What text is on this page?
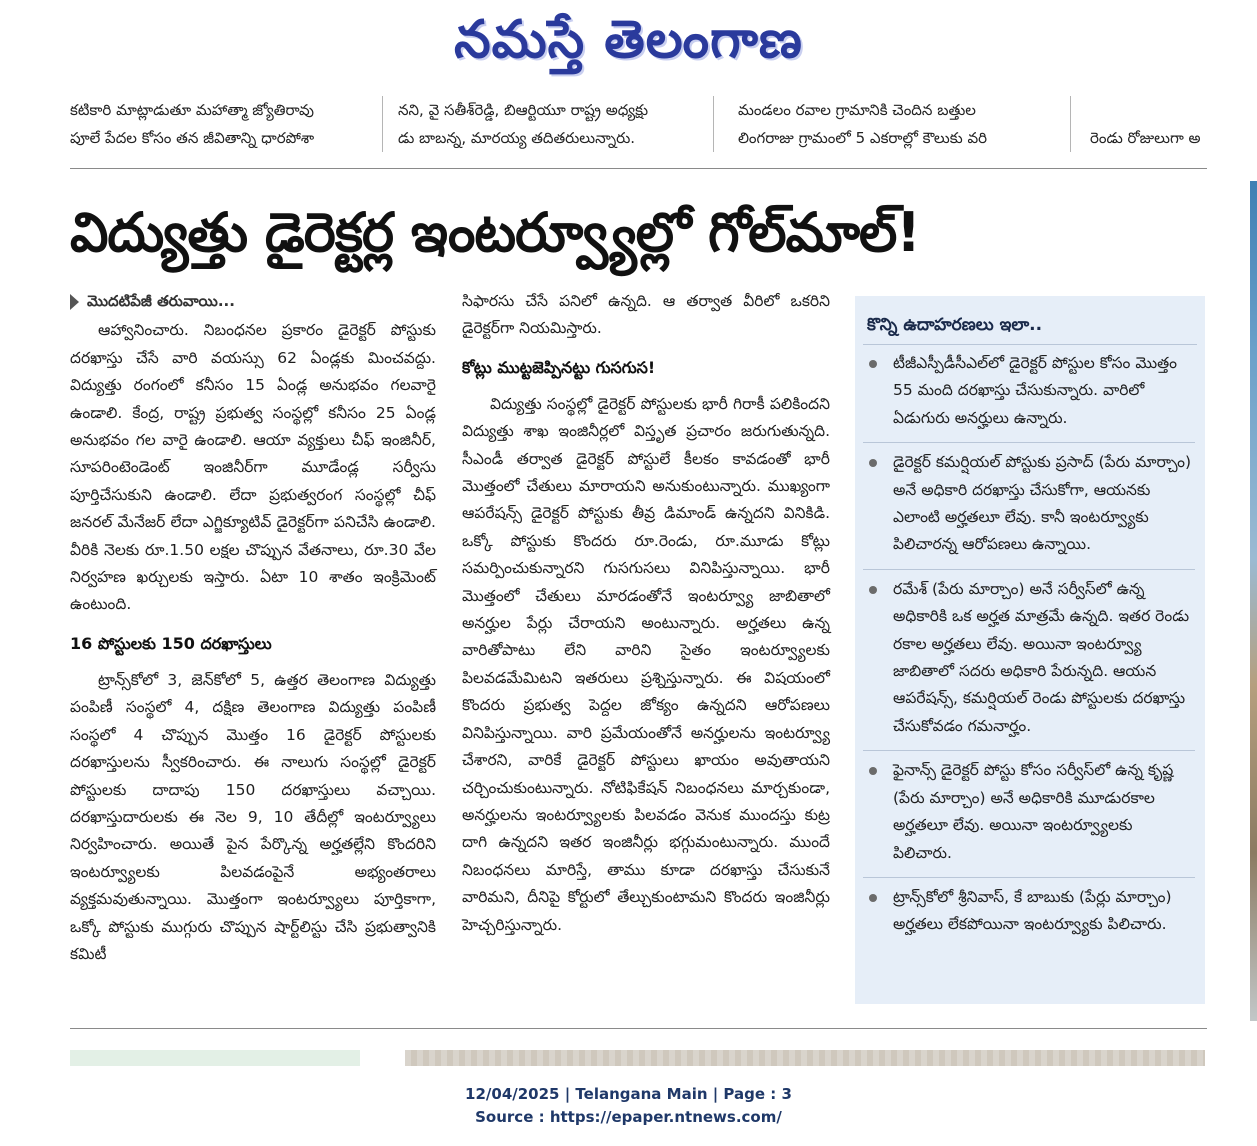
నమస్తే తెలంగాణ

కటికారి మాట్లాడుతూ మహాత్మా జ్యోతిరావు

పూలే పేదల కోసం తన జీవితాన్ని ధారపోశా

నని, వై సతీశ్‌రెడ్డి, బిఆర్టియూ రాష్ట్ర అధ్యక్షు

డు బాబన్న, మారయ్య తదితరులున్నారు.

మండలం రవాల గ్రామానికి చెందిన బత్తుల

లింగరాజు గ్రామంలో 5 ఎకరాల్లో కౌలుకు వరి

	రెండు రోజులుగా అ

విద్యుత్తు డైరెక్టర్ల ఇంటర్వ్యూల్లో గోల్‌మాల్‌!
మొదటిపేజీ తరువాయి...

ఆహ్వానించారు. నిబంధనల ప్రకారం డైరెక్టర్ పోస్టుకు దరఖాస్తు చేసే వారి వయస్సు 62 ఏండ్లకు మించవద్దు. విద్యుత్తు రంగంలో కనీసం 15 ఏండ్ల అనుభవం గలవారై ఉండాలి. కేంద్ర, రాష్ట్ర ప్రభుత్వ సంస్థల్లో కనీసం 25 ఏండ్ల అనుభవం గల వారై ఉండాలి. ఆయా వ్యక్తులు చీఫ్ ఇంజినీర్, సూపరింటెండెంట్ ఇంజినీర్‌గా మూడేండ్ల సర్వీసు పూర్తిచేసుకుని ఉండాలి. లేదా ప్రభుత్వరంగ సంస్థల్లో చీఫ్ జనరల్ మేనేజర్ లేదా ఎగ్జిక్యూటివ్ డైరెక్టర్‌గా పనిచేసి ఉండాలి. వీరికి నెలకు రూ.1.50 లక్షల చొప్పున వేతనాలు, రూ.30 వేల నిర్వహణ ఖర్చులకు ఇస్తారు. ఏటా 10 శాతం ఇంక్రిమెంట్ ఉంటుంది.

16 పోస్టులకు 150 దరఖాస్తులు

ట్రాన్స్‌కోలో 3, జెన్‌కోలో 5, ఉత్తర తెలంగాణ విద్యుత్తు పంపిణీ సంస్థలో 4, దక్షిణ తెలంగాణ విద్యుత్తు పంపిణీ సంస్థలో 4 చొప్పున మొత్తం 16 డైరెక్టర్ పోస్టులకు దరఖాస్తులను స్వీకరించారు. ఈ నాలుగు సంస్థల్లో డైరెక్టర్ పోస్టులకు దాదాపు 150 దరఖాస్తులు వచ్చాయి. దరఖాస్తుదారులకు ఈ నెల 9, 10 తేదీల్లో ఇంటర్వ్యూలు నిర్వహించారు. అయితే పైన పేర్కొన్న అర్హతల్లేని కొందరిని ఇంటర్వ్యూలకు పిలవడంపైనే అభ్యంతరాలు వ్యక్తమవుతున్నాయి. మొత్తంగా ఇంటర్వ్యూలు పూర్తికాగా, ఒక్కో పోస్టుకు ముగ్గురు చొప్పున షార్ట్‌లిస్టు చేసి ప్రభుత్వానికి కమిటీ

సిఫారసు చేసే పనిలో ఉన్నది. ఆ తర్వాత వీరిలో ఒకరిని డైరెక్టర్‌గా నియమిస్తారు.

కోట్లు ముట్టజెప్పినట్టు గుసగుస!

విద్యుత్తు సంస్థల్లో డైరెక్టర్ పోస్టులకు భారీ గిరాకీ పలికిందని విద్యుత్తు శాఖ ఇంజినీర్లలో విస్తృత ప్రచారం జరుగుతున్నది. సీఎండీ తర్వాత డైరెక్టర్ పోస్టులే కీలకం కావడంతో భారీ మొత్తంలో చేతులు మారాయని అనుకుంటున్నారు. ముఖ్యంగా ఆపరేషన్స్ డైరెక్టర్ పోస్టుకు తీవ్ర డిమాండ్ ఉన్నదని వినికిడి. ఒక్కో పోస్టుకు కొందరు రూ.రెండు, రూ.మూడు కోట్లు సమర్పించుకున్నారని గుసగుసలు వినిపిస్తున్నాయి. భారీ మొత్తంలో చేతులు మారడంతోనే ఇంటర్వ్యూ జాబితాలో అనర్హుల పేర్లు చేరాయని అంటున్నారు. అర్హతలు ఉన్న వారితోపాటు లేని వారిని సైతం ఇంటర్వ్యూలకు పిలవడమేమిటని ఇతరులు ప్రశ్నిస్తున్నారు. ఈ విషయంలో కొందరు ప్రభుత్వ పెద్దల జోక్యం ఉన్నదని ఆరోపణలు వినిపిస్తున్నాయి. వారి ప్రమేయంతోనే అనర్హులను ఇంటర్వ్యూ చేశారని, వారికే డైరెక్టర్ పోస్టులు ఖాయం అవుతాయని చర్చించుకుంటున్నారు. నోటిఫికేషన్ నిబంధనలు మార్చకుండా, అనర్హులను ఇంటర్వ్యూలకు పిలవడం వెనుక ముందస్తు కుట్ర దాగి ఉన్నదని ఇతర ఇంజినీర్లు భగ్గుమంటున్నారు. ముందే నిబంధనలు మారిస్తే, తాము కూడా దరఖాస్తు చేసుకునే వారిమని, దీనిపై కోర్టులో తేల్చుకుంటామని కొందరు ఇంజినీర్లు హెచ్చరిస్తున్నారు.

కొన్ని ఉదాహరణలు ఇలా..
టీజీఎస్పీడీసీఎల్‌లో డైరెక్టర్ పోస్టుల కోసం మొత్తం 55 మంది దరఖాస్తు చేసుకున్నారు. వారిలో ఏడుగురు అనర్హులు ఉన్నారు.
డైరెక్టర్ కమర్షియల్ పోస్టుకు ప్రసాద్ (పేరు మార్చాం) అనే అధికారి దరఖాస్తు చేసుకోగా, ఆయనకు ఎలాంటి అర్హతలూ లేవు. కానీ ఇంటర్వ్యూకు పిలిచారన్న ఆరోపణలు ఉన్నాయి.
రమేశ్ (పేరు మార్చాం) అనే సర్వీస్‌లో ఉన్న అధికారికి ఒక అర్హత మాత్రమే ఉన్నది. ఇతర రెండు రకాల అర్హతలు లేవు. అయినా ఇంటర్వ్యూ జాబితాలో సదరు అధికారి పేరున్నది. ఆయన ఆపరేషన్స్, కమర్షియల్ రెండు పోస్టులకు దరఖాస్తు చేసుకోవడం గమనార్హం.
ఫైనాన్స్ డైరెక్టర్ పోస్టు కోసం సర్వీస్‌లో ఉన్న కృష్ణ (పేరు మార్చాం) అనే అధికారికి మూడురకాల అర్హతలూ లేవు. అయినా ఇంటర్వ్యూలకు పిలిచారు.
ట్రాన్స్‌కోలో శ్రీనివాస్, కే బాబుకు (పేర్లు మార్చాం) అర్హతలు లేకపోయినా ఇంటర్వ్యూకు పిలిచారు.
12/04/2025 | Telangana Main | Page : 3
Source : https://epaper.ntnews.com/
